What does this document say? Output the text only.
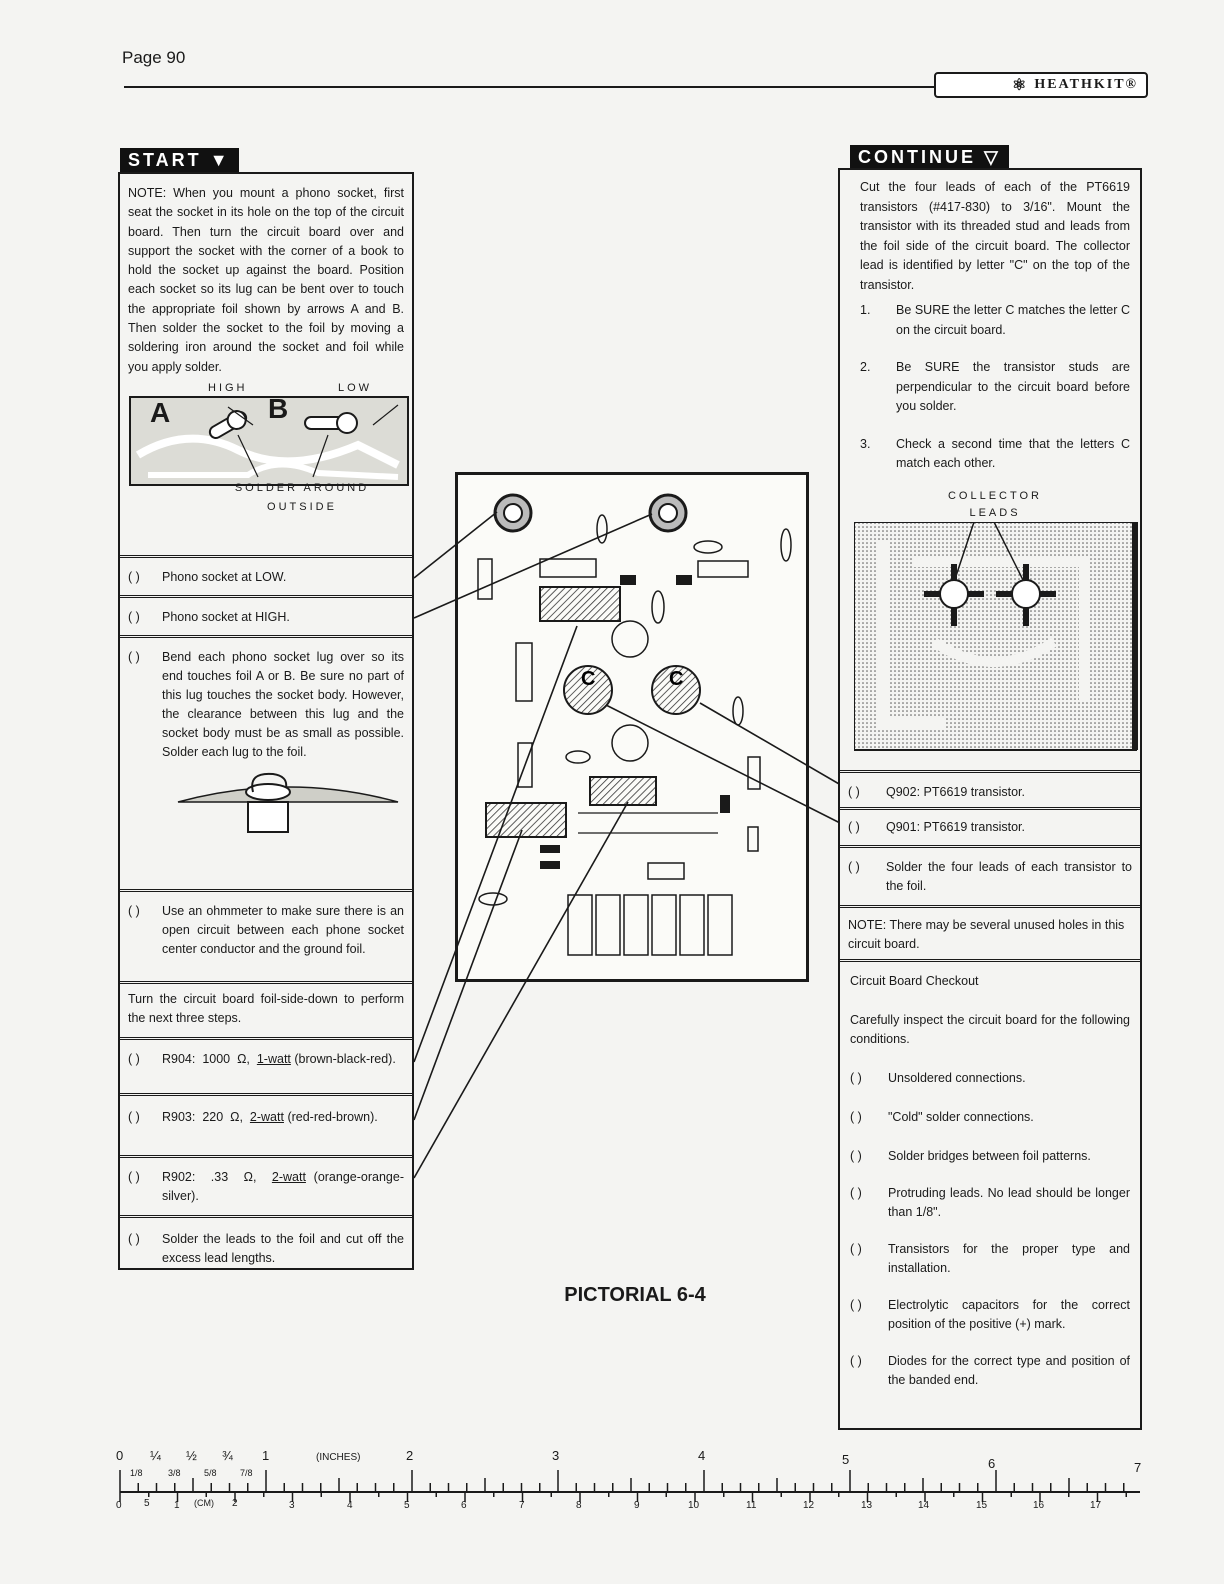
Page 90
⚛ HEATHKIT®
START ▼
NOTE: When you mount a phono socket, first seat the socket in its hole on the top of the circuit board. Then turn the circuit board over and support the socket with the corner of a book to hold the socket up against the board. Position each socket so its lug can be bent over to touch the appropriate foil shown by arrows A and B. Then solder the socket to the foil by moving a soldering iron around the socket and foil while you apply solder.
HIGH	LOW
A	B
SOLDER AROUND OUTSIDE
( )	Phono socket at LOW.
( )	Phono socket at HIGH.
( )	Bend each phono socket lug over so its end touches foil A or B. Be sure no part of this lug touches the socket body. However, the clearance between this lug and the socket body must be as small as possible. Solder each lug to the foil.
( )	Use an ohmmeter to make sure there is an open circuit between each phone socket center conductor and the ground foil.
Turn the circuit board foil-side-down to perform the next three steps.
( )	R904: 1000 Ω, 1-watt (brown-black-red).
( )	R903: 220 Ω, 2-watt (red-red-brown).
( )	R902: .33 Ω, 2-watt (orange-orange-silver).
( )	Solder the leads to the foil and cut off the excess lead lengths.
C	C
PICTORIAL 6-4
CONTINUE ▽
Cut the four leads of each of the PT6619 transistors (#417-830) to 3/16". Mount the transistor with its threaded stud and leads from the foil side of the circuit board. The collector lead is identified by letter "C" on the top of the transistor.
1.	Be SURE the letter C matches the letter C on the circuit board.
2.	Be SURE the transistor studs are perpendicular to the circuit board before you solder.
3.	Check a second time that the letters C match each other.
COLLECTOR LEADS
( )	Q902: PT6619 transistor.
( )	Q901: PT6619 transistor.
( )	Solder the four leads of each transistor to the foil.
NOTE: There may be several unused holes in this circuit board.
Circuit Board Checkout
Carefully inspect the circuit board for the following conditions.
( )	Unsoldered connections.
( )	"Cold" solder connections.
( )	Solder bridges between foil patterns.
( )	Protruding leads. No lead should be longer than 1/8".
( )	Transistors for the proper type and installation.
( )	Electrolytic capacitors for the correct position of the positive (+) mark.
( )	Diodes for the correct type and position of the banded end.
0 ¼ ½ ¾ 1	(INCHES)	2	3	4	5	6	7
1/8	3/8	5/8	7/8
0 5 1 (CM) 2	3	4	5	6	7	8	9	10	11	12	13	14	15	16	17
